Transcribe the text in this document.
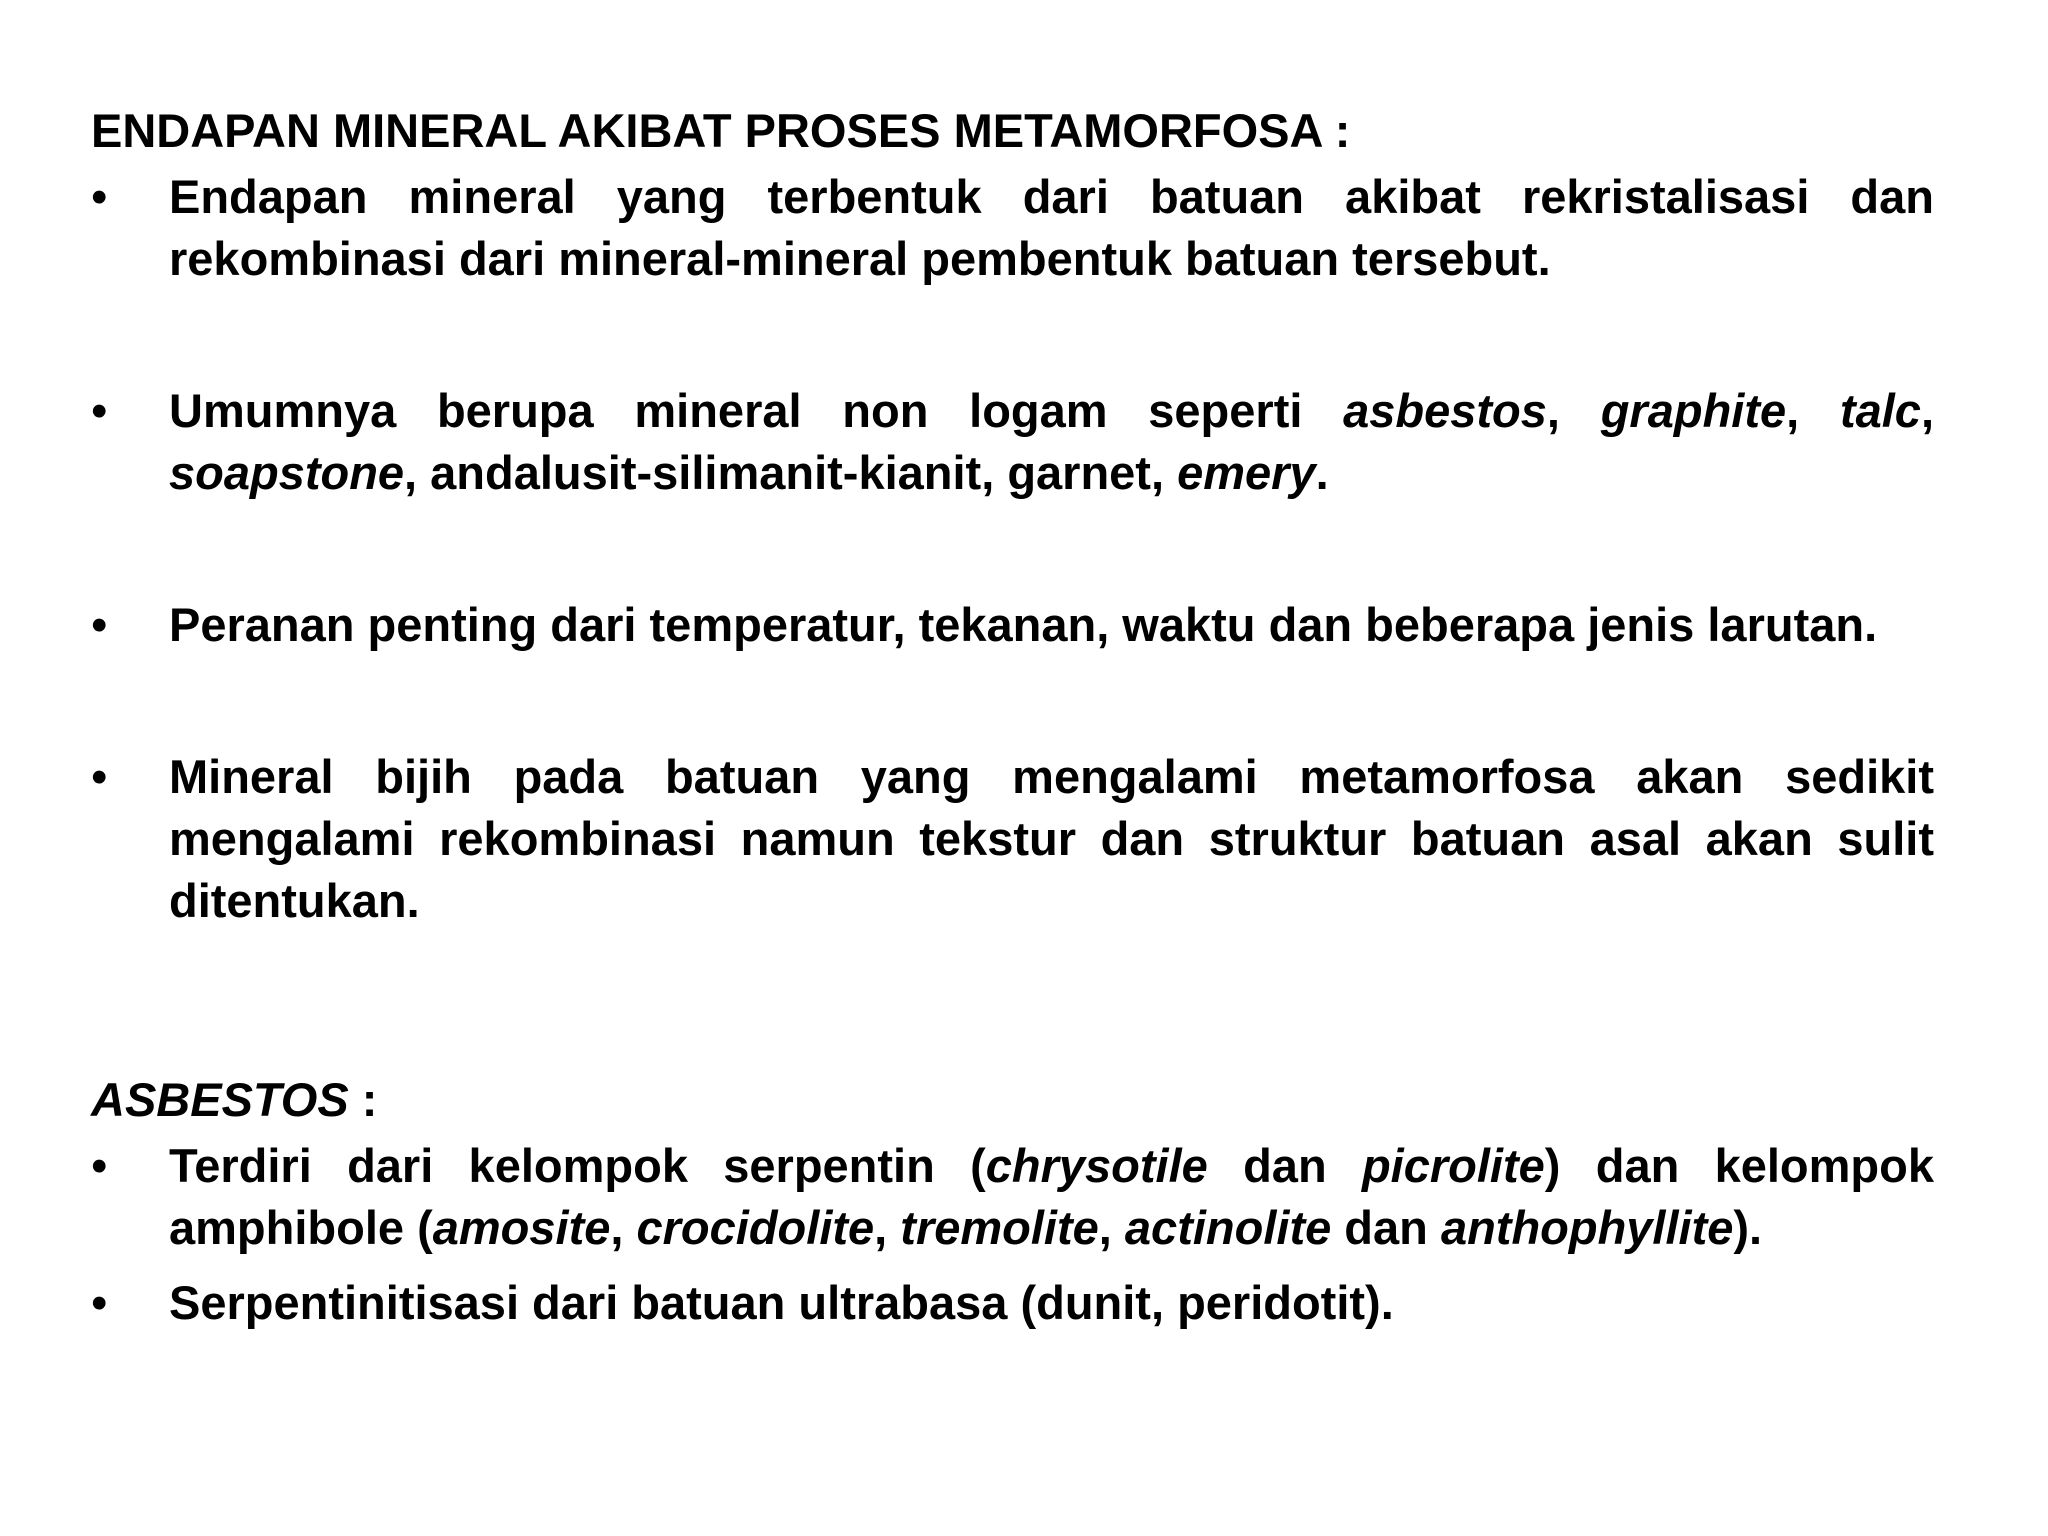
ENDAPAN MINERAL AKIBAT PROSES METAMORFOSA :
• Endapan mineral yang terbentuk dari batuan akibat rekristalisasi dan rekombinasi dari mineral-mineral pembentuk batuan tersebut.
• Umumnya berupa mineral non logam seperti asbestos, graphite, talc, soapstone, andalusit-silimanit-kianit, garnet, emery.
• Peranan penting dari temperatur, tekanan, waktu dan beberapa jenis larutan.
• Mineral bijih pada batuan yang mengalami metamorfosa akan sedikit mengalami rekombinasi namun tekstur dan struktur batuan asal akan sulit ditentukan.
ASBESTOS :
• Terdiri dari kelompok serpentin (chrysotile dan picrolite) dan kelompok amphibole (amosite, crocidolite, tremolite, actinolite dan anthophyllite).
• Serpentinitisasi dari batuan ultrabasa (dunit, peridotit).
